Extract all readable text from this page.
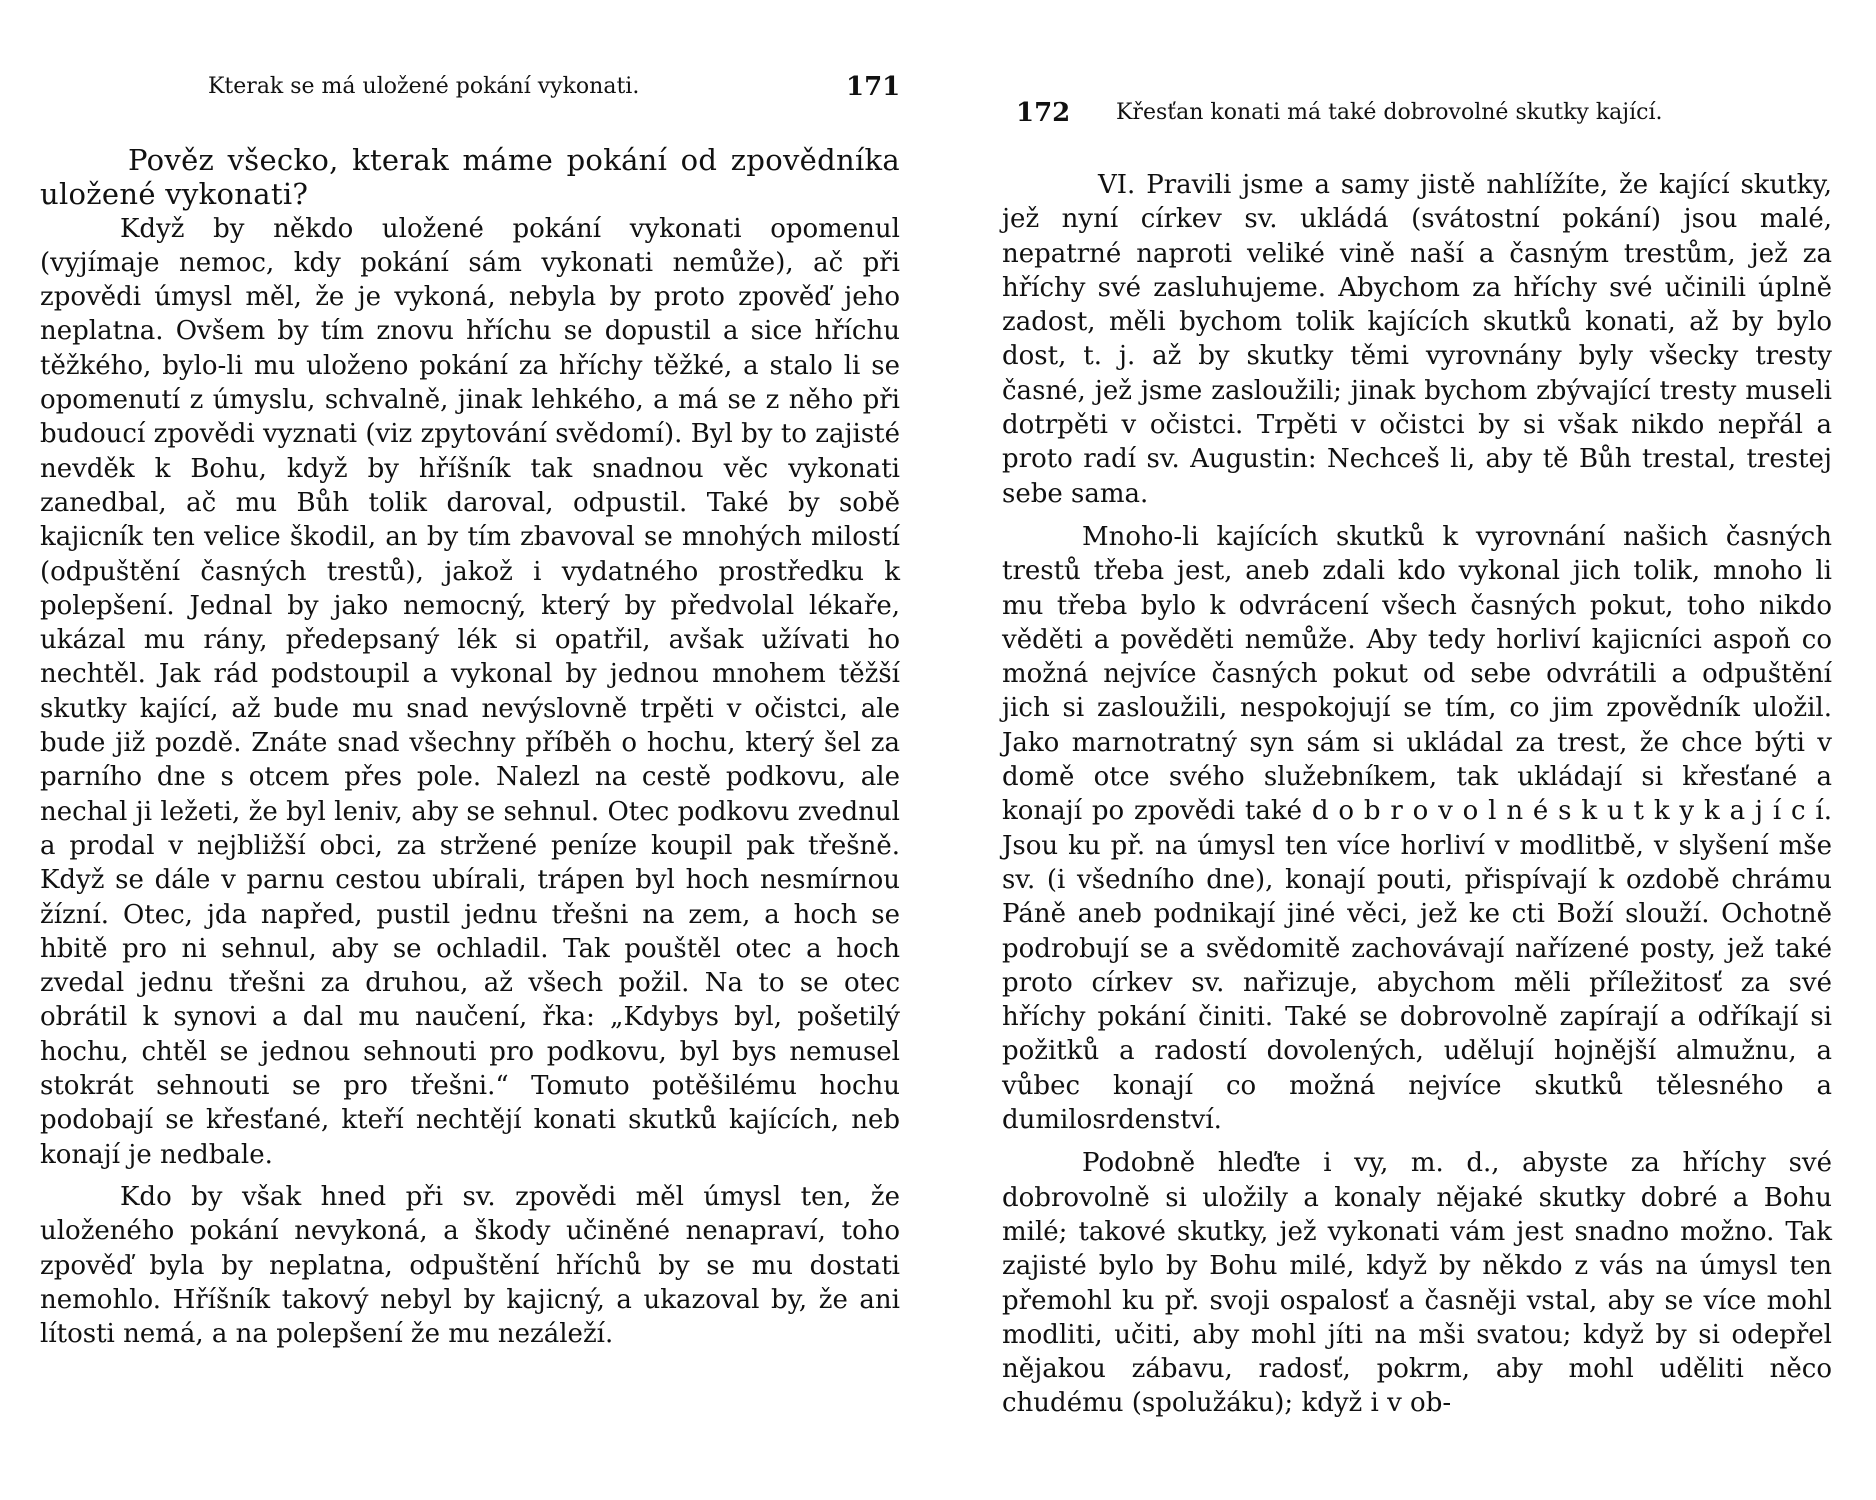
Kterak se má uložené pokání vykonati.	171

Pověz všecko, kterak máme pokání od zpovědníka uložené vykonati?

Když by někdo uložené pokání vykonati opomenul (vyjímaje nemoc, kdy pokání sám vykonati nemůže), ač při zpovědi úmysl měl, že je vykoná, nebyla by proto zpověď jeho neplatna. Ovšem by tím znovu hříchu se dopustil a sice hříchu těžkého, bylo-li mu uloženo pokání za hříchy těžké, a stalo li se opomenutí z úmyslu, schvalně, jinak lehkého, a má se z něho při budoucí zpovědi vyznati (viz zpytování svědomí). Byl by to zajisté nevděk k Bohu, když by hříšník tak snadnou věc vykonati zanedbal, ač mu Bůh tolik daroval, odpustil. Také by sobě kajicník ten velice škodil, an by tím zbavoval se mnohých milostí (odpuštění časných trestů), jakož i vydatného prostředku k polepšení. Jednal by jako nemocný, který by předvolal lékaře, ukázal mu rány, předepsaný lék si opatřil, avšak užívati ho nechtěl. Jak rád podstoupil a vykonal by jednou mnohem těžší skutky kající, až bude mu snad nevýslovně trpěti v očistci, ale bude již pozdě. Znáte snad všechny příběh o hochu, který šel za parního dne s otcem přes pole. Nalezl na cestě podkovu, ale nechal ji ležeti, že byl leniv, aby se sehnul. Otec podkovu zvednul a prodal v nejbližší obci, za stržené peníze koupil pak třešně. Když se dále v parnu cestou ubírali, trápen byl hoch nesmírnou žízní. Otec, jda napřed, pustil jednu třešni na zem, a hoch se hbitě pro ni sehnul, aby se ochladil. Tak pouštěl otec a hoch zvedal jednu třešni za druhou, až všech požil. Na to se otec obrátil k synovi a dal mu naučení, řka: „Kdybys byl, pošetilý hochu, chtěl se jednou sehnouti pro podkovu, byl bys nemusel stokrát sehnouti se pro třešni.“ Tomuto potěšilému hochu podobají se křesťané, kteří nechtějí konati skutků kajících, neb konají je nedbale.

Kdo by však hned při sv. zpovědi měl úmysl ten, že uloženého pokání nevykoná, a škody učiněné nenapraví, toho zpověď byla by neplatna, odpuštění hříchů by se mu dostati nemohlo. Hříšník takový nebyl by kajicný, a ukazoval by, že ani lítosti nemá, a na polepšení že mu nezáleží.

172 Křesťan konati má také dobrovolné skutky kající.

VI. Pravili jsme a samy jistě nahlížíte, že kající skutky, jež nyní církev sv. ukládá (svátostní pokání) jsou malé, nepatrné naproti veliké vině naší a časným trestům, jež za hříchy své zasluhujeme. Abychom za hříchy své učinili úplně zadost, měli bychom tolik kajících skutků konati, až by bylo dost, t. j. až by skutky těmi vyrovnány byly všecky tresty časné, jež jsme zasloužili; jinak bychom zbývající tresty museli dotrpěti v očistci. Trpěti v očistci by si však nikdo nepřál a proto radí sv. Augustin: Nechceš li, aby tě Bůh trestal, trestej sebe sama.

Mnoho-li kajících skutků k vyrovnání našich časných trestů třeba jest, aneb zdali kdo vykonal jich tolik, mnoho li mu třeba bylo k odvrácení všech časných pokut, toho nikdo věděti a pověděti nemůže. Aby tedy horliví kajicníci aspoň co možná nejvíce časných pokut od sebe odvrátili a odpuštění jich si zasloužili, nespokojují se tím, co jim zpovědník uložil. Jako marnotratný syn sám si ukládal za trest, že chce býti v domě otce svého služebníkem, tak ukládají si křesťané a konají po zpovědi také d o b r o v o l n é s k u t k y k a j í c í. Jsou ku př. na úmysl ten více horliví v modlitbě, v slyšení mše sv. (i všedního dne), konají pouti, přispívají k ozdobě chrámu Páně aneb podnikají jiné věci, jež ke cti Boží slouží. Ochotně podrobují se a svědomitě zachovávají nařízené posty, jež také proto církev sv. nařizuje, abychom měli příležitosť za své hříchy pokání činiti. Také se dobrovolně zapírají a odříkají si požitků a radostí dovolených, udělují hojnější almužnu, a vůbec konají co možná nejvíce skutků tělesného a dumilosrdenství.

Podobně hleďte i vy, m. d., abyste za hříchy své dobrovolně si uložily a konaly nějaké skutky dobré a Bohu milé; takové skutky, jež vykonati vám jest snadno možno. Tak zajisté bylo by Bohu milé, když by někdo z vás na úmysl ten přemohl ku př. svoji ospalosť a časněji vstal, aby se více mohl modliti, učiti, aby mohl jíti na mši svatou; když by si odepřel nějakou zábavu, radosť, pokrm, aby mohl uděliti něco chudému (spolužáku); když i v ob-
